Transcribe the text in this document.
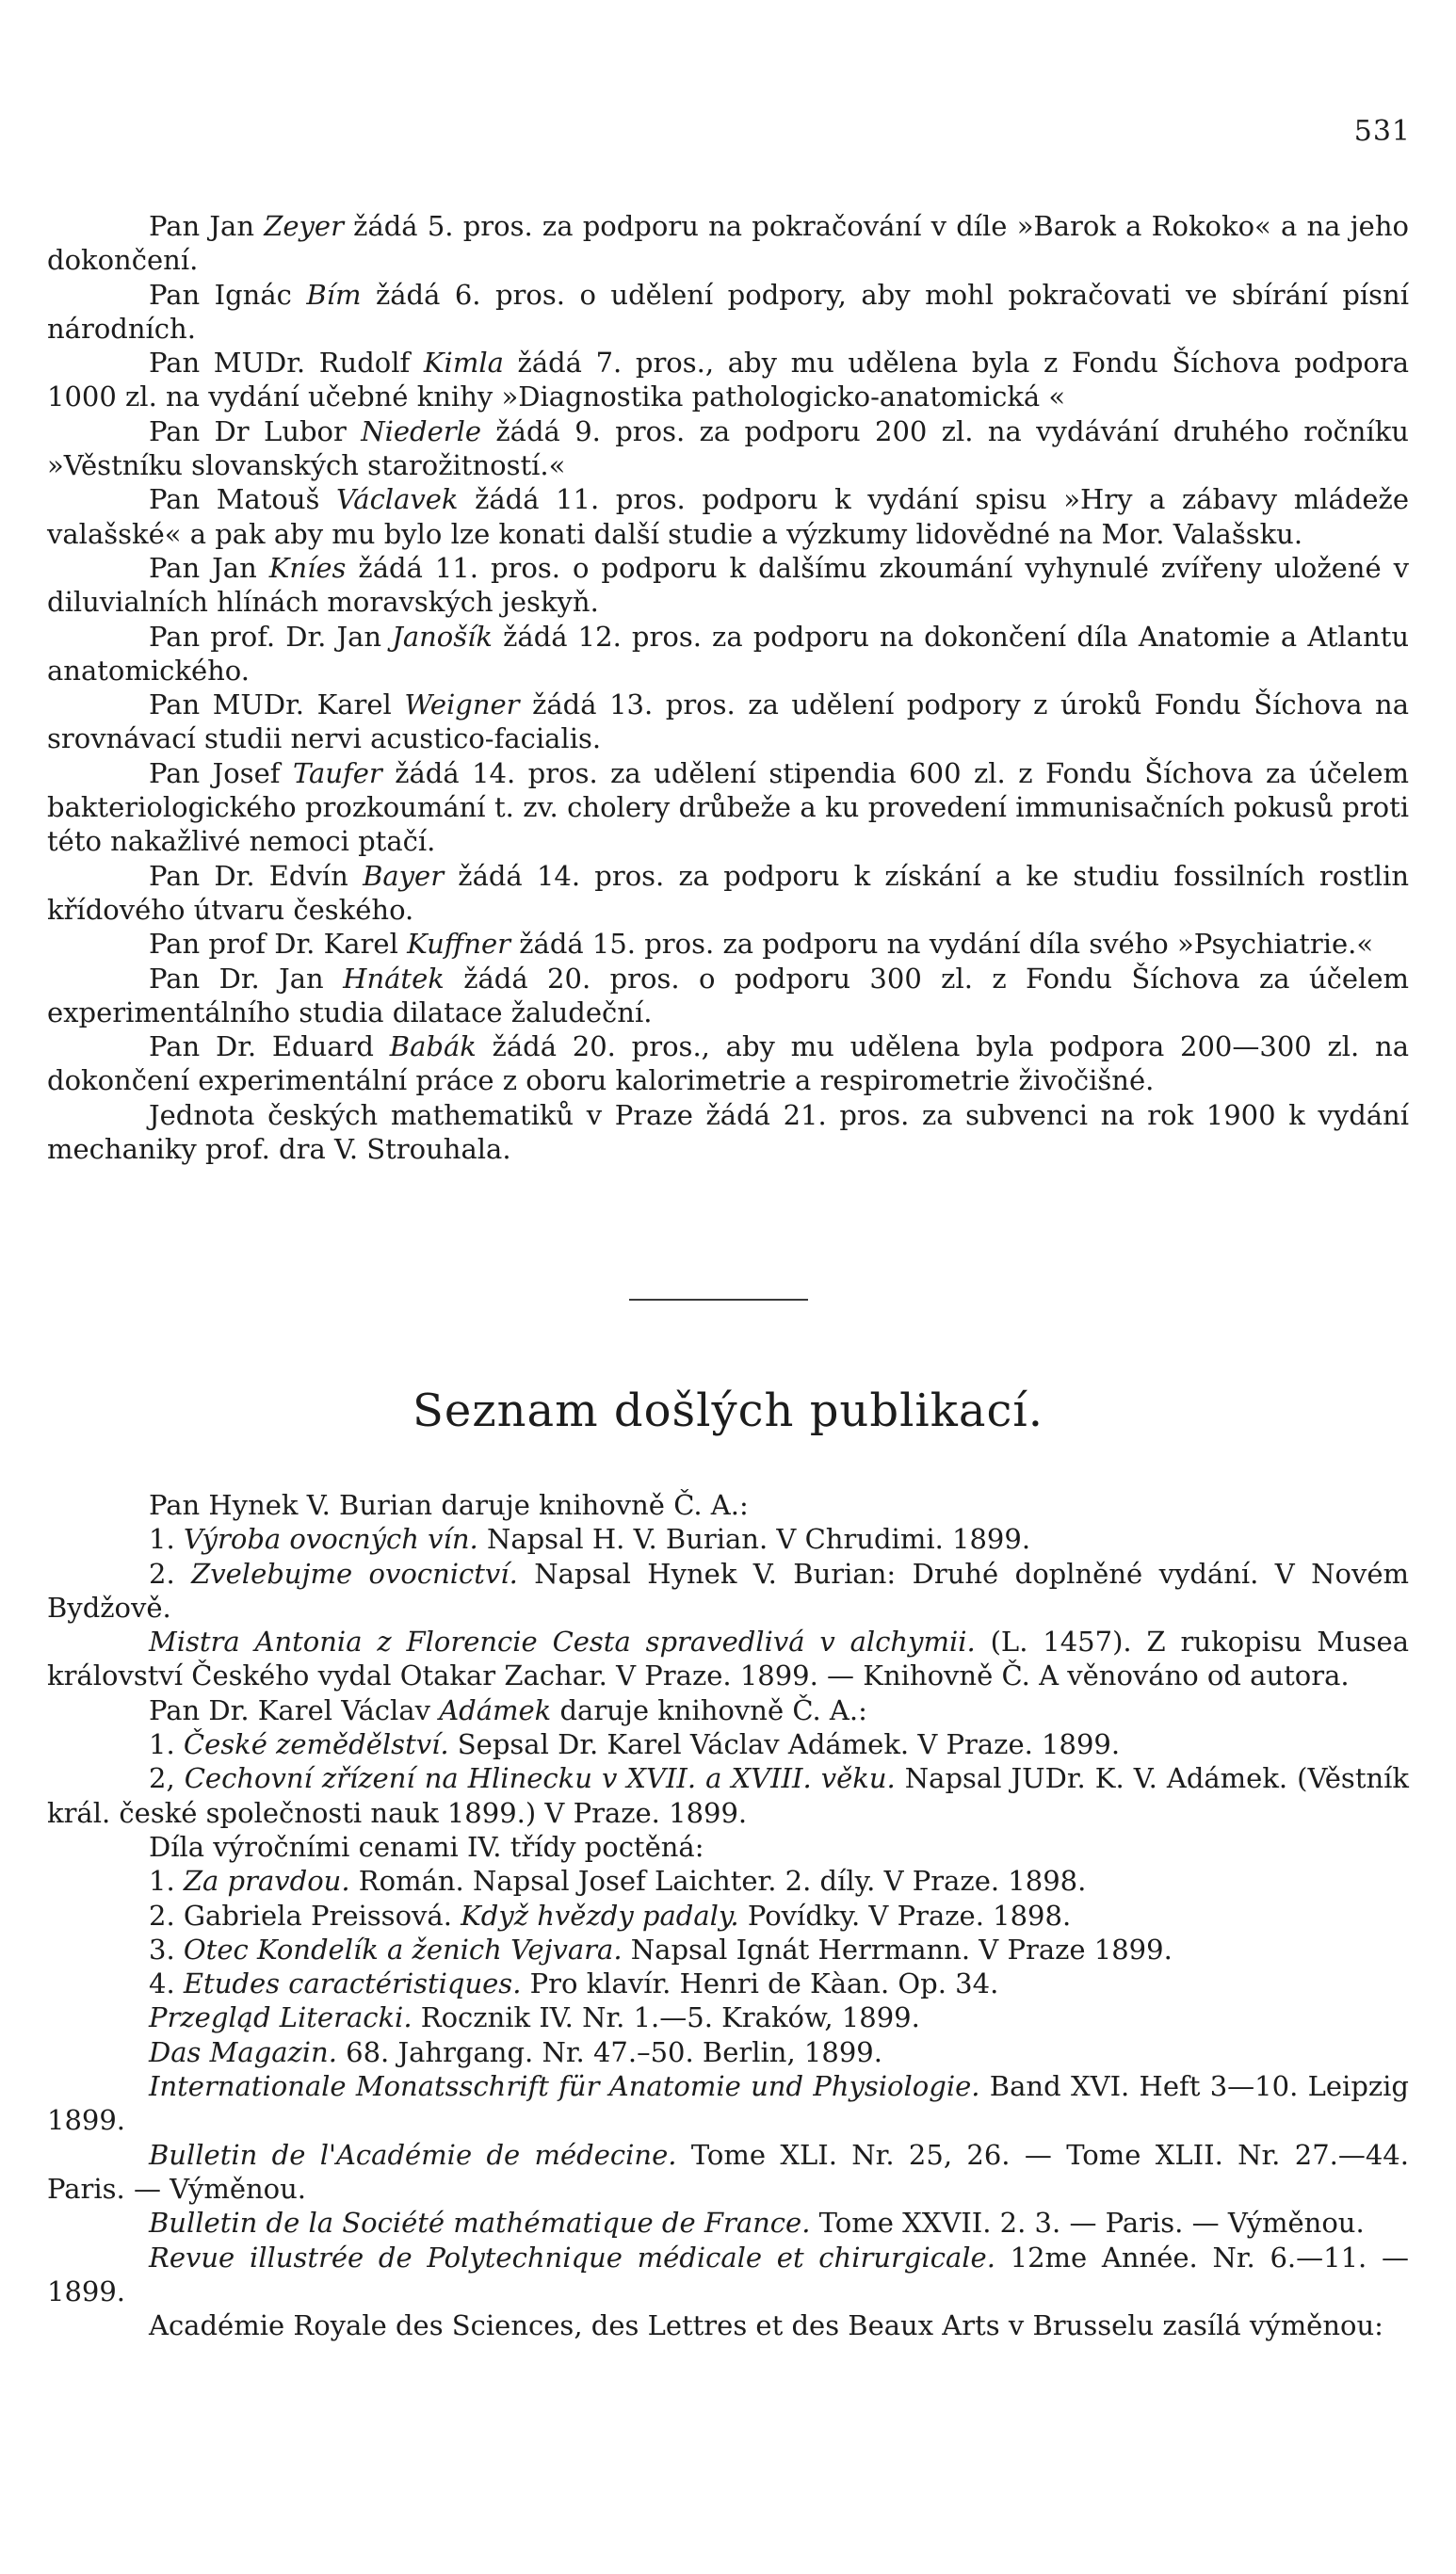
531

Pan Jan Zeyer žádá 5. pros. za podporu na pokračování v díle »Barok a Rokoko« a na jeho dokončení.

Pan Ignác Bím žádá 6. pros. o udělení podpory, aby mohl pokračovati ve sbírání písní národních.

Pan MUDr. Rudolf Kimla žádá 7. pros., aby mu udělena byla z Fondu Šíchova podpora 1000 zl. na vydání učebné knihy »Diagnostika pathologicko-anatomická «

Pan Dr Lubor Niederle žádá 9. pros. za podporu 200 zl. na vydávání druhého ročníku »Věstníku slovanských starožitností.«

Pan Matouš Václavek žádá 11. pros. podporu k vydání spisu »Hry a zábavy mládeže valašské« a pak aby mu bylo lze konati další studie a výzkumy lidovědné na Mor. Valašsku.

Pan Jan Kníes žádá 11. pros. o podporu k dalšímu zkoumání vyhynulé zvířeny uložené v diluvialních hlínách moravských jeskyň.

Pan prof. Dr. Jan Janošík žádá 12. pros. za podporu na dokončení díla Anatomie a Atlantu anatomického.

Pan MUDr. Karel Weigner žádá 13. pros. za udělení podpory z úroků Fondu Šíchova na srovnávací studii nervi acustico-facialis.

Pan Josef Taufer žádá 14. pros. za udělení stipendia 600 zl. z Fondu Šíchova za účelem bakteriologického prozkoumání t. zv. cholery drůbeže a ku provedení immunisačních pokusů proti této nakažlivé nemoci ptačí.

Pan Dr. Edvín Bayer žádá 14. pros. za podporu k získání a ke studiu fossilních rostlin křídového útvaru českého.

Pan prof Dr. Karel Kuffner žádá 15. pros. za podporu na vydání díla svého »Psychiatrie.«

Pan Dr. Jan Hnátek žádá 20. pros. o podporu 300 zl. z Fondu Šíchova za účelem experimentálního studia dilatace žaludeční.

Pan Dr. Eduard Babák žádá 20. pros., aby mu udělena byla podpora 200—300 zl. na dokončení experimentální práce z oboru kalorimetrie a respirometrie živočišné.

Jednota českých mathematiků v Praze žádá 21. pros. za subvenci na rok 1900 k vydání mechaniky prof. dra V. Strouhala.

Seznam došlých publikací.

Pan Hynek V. Burian daruje knihovně Č. A.:

1. Výroba ovocných vín. Napsal H. V. Burian. V Chrudimi. 1899.

2. Zvelebujme ovocnictví. Napsal Hynek V. Burian: Druhé doplněné vydání. V Novém Bydžově.

Mistra Antonia z Florencie Cesta spravedlivá v alchymii. (L. 1457). Z rukopisu Musea království Českého vydal Otakar Zachar. V Praze. 1899. — Knihovně Č. A věnováno od autora.

Pan Dr. Karel Václav Adámek daruje knihovně Č. A.:

1. České zemědělství. Sepsal Dr. Karel Václav Adámek. V Praze. 1899.

2, Cechovní zřízení na Hlinecku v XVII. a XVIII. věku. Napsal JUDr. K. V. Adámek. (Věstník král. české společnosti nauk 1899.) V Praze. 1899.

Díla výročními cenami IV. třídy poctěná:

1. Za pravdou. Román. Napsal Josef Laichter. 2. díly. V Praze. 1898.

2. Gabriela Preissová. Když hvězdy padaly. Povídky. V Praze. 1898.

3. Otec Kondelík a ženich Vejvara. Napsal Ignát Herrmann. V Praze 1899.

4. Etudes caractéristiques. Pro klavír. Henri de Kàan. Op. 34.

Przegląd Literacki. Rocznik IV. Nr. 1.—5. Kraków, 1899.

Das Magazin. 68. Jahrgang. Nr. 47.–50. Berlin, 1899.

Internationale Monatsschrift für Anatomie und Physiologie. Band XVI. Heft 3—10. Leipzig 1899.

Bulletin de l'Académie de médecine. Tome XLI. Nr. 25, 26. — Tome XLII. Nr. 27.—44. Paris. — Výměnou.

Bulletin de la Société mathématique de France. Tome XXVII. 2. 3. — Paris. — Výměnou.

Revue illustrée de Polytechnique médicale et chirurgicale. 12me Année. Nr. 6.—11. — 1899.

Académie Royale des Sciences, des Lettres et des Beaux Arts v Brusselu zasílá výměnou:
